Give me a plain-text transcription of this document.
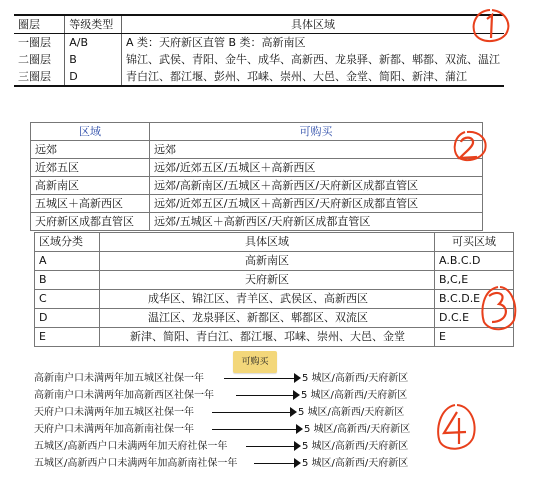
圈层	等级类型	具体区域
一圈层	A/B	A 类：天府新区直管 B 类：高新南区
二圈层	B	锦江、武侯、青阳、金牛、成华、高新西、龙泉驿、新都、郫都、双流、温江
三圈层	D	青白江、都江堰、彭州、邛崃、崇州、大邑、金堂、简阳、新津、蒲江
区域	可购买
远郊	远郊
近郊五区	远郊/近郊五区/五城区＋高新西区
高新南区	远郊/高新南区/五城区＋高新西区/天府新区成都直管区
五城区＋高新西区	远郊/近郊五区/五城区＋高新西区/天府新区成都直管区
天府新区成都直管区	远郊/五城区＋高新西区/天府新区成都直管区
区域分类	具体区域	可买区域
A	高新南区	A.B.C.D
B	天府新区	B,C,E
C	成华区、锦江区、青羊区、武侯区、高新西区	B.C.D.E
D	温江区、龙泉驿区、新都区、郫都区、双流区	D.C.E
E	新津、简阳、青白江、都江堰、邛崃、崇州、大邑、金堂	E
可购买
高新南户口未满两年加五城区社保一年	5 城区/高新西/天府新区
高新南户口未满两年加高新西区社保一年	5 城区/高新西/天府新区
天府户口未满两年加五城区社保一年	5 城区/高新西/天府新区
天府户口未满两年加高新南社保一年	5 城区/高新西/天府新区
五城区/高新西户口未满两年加天府社保一年	5 城区/高新西/天府新区
五城区/高新西户口未满两年加高新南社保一年	5 城区/高新西/天府新区
